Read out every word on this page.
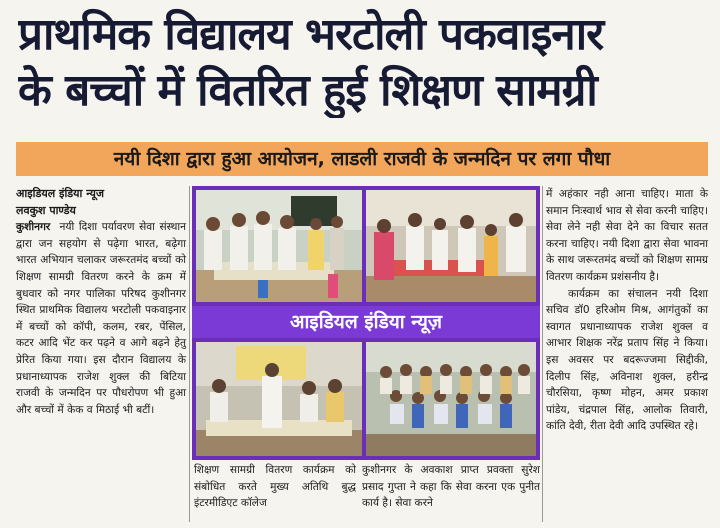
प्राथमिक विद्यालय भरटोली पकवाइनार
के बच्चों में वितरित हुई शिक्षण सामग्री
नयी दिशा द्वारा हुआ आयोजन, लाडली राजवी के जन्मदिन पर लगा पौधा

आइडियल इंडिया न्यूज

लवकुश पाण्डेय

कुशीनगर नयी दिशा पर्यावरण सेवा संस्थान द्वारा जन सहयोग से पढ़ेगा भारत, बढ़ेगा भारत अभियान चलाकर जरूरतमंद बच्चों को शिक्षण सामग्री वितरण करने के क्रम में बुधवार को नगर पालिका परिषद कुशीनगर स्थित प्राथमिक विद्यालय भरटोली पकवाइनार में बच्चों को कॉपी, कलम, रबर, पेंसिल, कटर आदि भेंट कर पढ़ने व आगे बढ़ने हेतु प्रेरित किया गया। इस दौरान विद्यालय के प्रधानाध्यापक राजेश शुक्ल की बिटिया राजवी के जन्मदिन पर पौधरोपण भी हुआ और बच्चों में केक व मिठाई भी बटीं।

आइडियल इंडिया न्यूज़
शिक्षण सामग्री वितरण कार्यक्रम को संबोधित करते मुख्य अतिथि बुद्ध इंटरमीडिएट कॉलेज
कुशीनगर के अवकाश प्राप्त प्रवक्ता सुरेश प्रसाद गुप्ता ने कहा कि सेवा करना एक पुनीत कार्य है। सेवा करने

में अहंकार नही आना चाहिए। माता के समान निःस्वार्थ भाव से सेवा करनी चाहिए। सेवा लेने नही सेवा देने का विचार सतत करना चाहिए। नयी दिशा द्वारा सेवा भावना के साथ जरूरतमंद बच्चों को शिक्षण सामग्र वितरण कार्यक्रम प्रशंसनीय है।

कार्यक्रम का संचालन नयी दिशा सचिव डॉ0 हरिओम मिश्र, आगंतुकों का स्वागत प्रधानाध्यापक राजेश शुक्ल व आभार शिक्षक नरेंद्र प्रताप सिंह ने किया। इस अवसर पर बदरूज्जमा सिद्दीकी, दिलीप सिंह, अविनाश शुक्ल, हरीन्द्र चौरसिया, कृष्ण मोहन, अमर प्रकाश पांडेय, चंद्रपाल सिंह, आलोक तिवारी, कांति देवी, रीता देवी आदि उपस्थित रहे।
